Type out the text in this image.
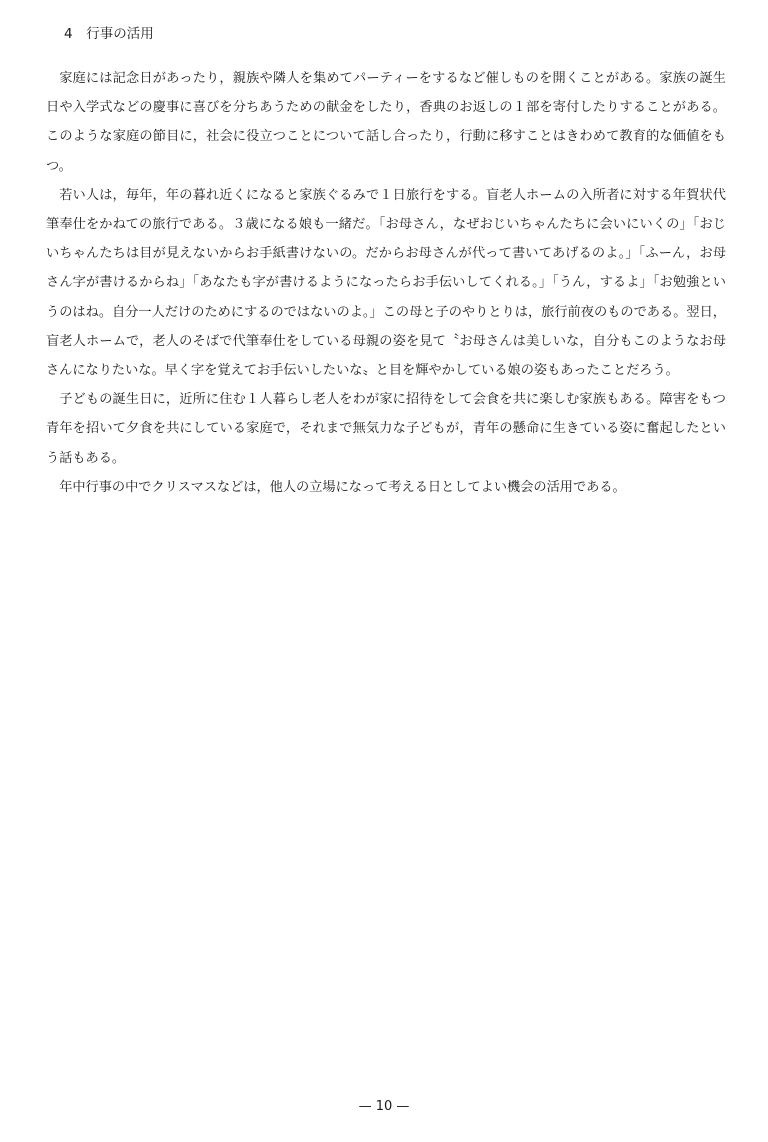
4 行事の活用

家庭には記念日があったり，親族や隣人を集めてパーティーをするなど催しものを開くことがある。家族の誕生日や入学式などの慶事に喜びを分ちあうための献金をしたり，香典のお返しの１部を寄付したりすることがある。このような家庭の節目に，社会に役立つことについて話し合ったり，行動に移すことはきわめて教育的な価値をもつ。

若い人は，毎年，年の暮れ近くになると家族ぐるみで１日旅行をする。盲老人ホームの入所者に対する年賀状代筆奉仕をかねての旅行である。３歳になる娘も一緒だ。「お母さん，なぜおじいちゃんたちに会いにいくの」「おじいちゃんたちは目が見えないからお手紙書けないの。だからお母さんが代って書いてあげるのよ。」「ふーん，お母さん字が書けるからね」「あなたも字が書けるようになったらお手伝いしてくれる。」「うん，するよ」「お勉強というのはね。自分一人だけのためにするのではないのよ。」この母と子のやりとりは，旅行前夜のものである。翌日，盲老人ホームで，老人のそばで代筆奉仕をしている母親の姿を見て〝お母さんは美しいな，自分もこのようなお母さんになりたいな。早く字を覚えてお手伝いしたいな〟と目を輝やかしている娘の姿もあったことだろう。

子どもの誕生日に，近所に住む１人暮らし老人をわが家に招待をして会食を共に楽しむ家族もある。障害をもつ青年を招いて夕食を共にしている家庭で，それまで無気力な子どもが，青年の懸命に生きている姿に奮起したという話もある。

年中行事の中でクリスマスなどは，他人の立場になって考える日としてよい機会の活用である。

— 10 —
